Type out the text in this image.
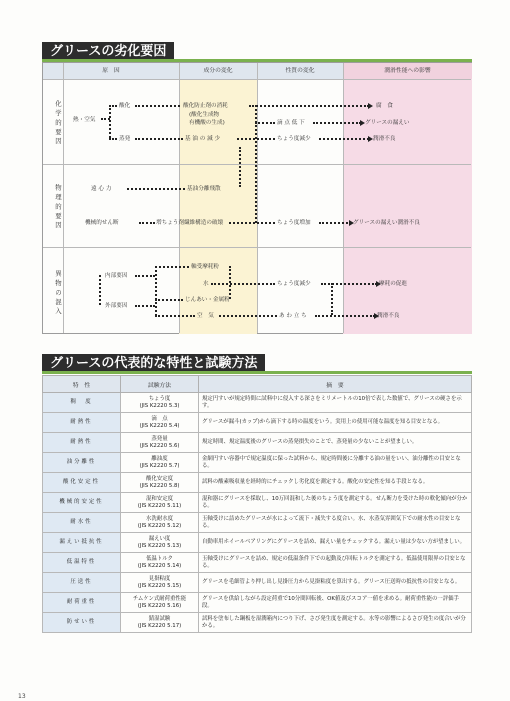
グリースの劣化要因
原　因	成分の変化	性質の変化	潤滑性能への影響
化学的要因
物理的要因
異物の混入
熱・空気
酸化
蒸発
酸化防止剤の消耗
(酸化生成物
有機酸の生成)
基 油 の 減 少
腐　食
滴 点 低 下	グリースの漏えい
ちょう度減少	潤滑不良
遠 心 力
機械的せん断
基油分離飛散
増ちょう剤繊維構造の破壊	ちょう度増加	グリースの漏えい潤滑不良
内部要因
外部要因
軸受摩耗粉
水
じんあい・金属粉
空　気
ちょう度減少	摩耗の促進
あ わ 立 ち	潤滑不良
グリースの代表的な特性と試験方法
特　性	試験方法	摘　要
稠　度	ちょう度
(JIS K2220 5.3)	規定円すいが規定時間に試料中に侵入する深さをミリメートルの10倍で表した数値で、グリースの硬さを示す。
耐熱性	滴　点
(JIS K2220 5.4)	グリースが漏斗(カップ)から滴下する時の温度をいう。実用上の使用可能な温度を知る目安となる。
耐熱性	蒸発量
(JIS K2220 5.6)	規定時間、規定温度後のグリースの蒸発損失のことで、蒸発量の少ないことが望ましい。
油分離性	離油度
(JIS K2220 5.7)	金網円すい容器中で規定温度に保った試料から、規定時間後に分離する油の量をいい、油分離性の目安となる。
酸化安定性	酸化安定度
(JIS K2220 5.8)	試料の酸素吸収量を経時的にチェックし劣化度を測定する。酸化の安定性を知る手段となる。
機械的安定性	混和安定度
(JIS K2220 5.11)	混和器にグリースを採取し、10万回混和した後のちょう度を測定する。せん断力を受けた時の軟化傾向が分かる。
耐水性	水洗耐水度
(JIS K2220 5.12)	玉軸受けに詰めたグリースが水によって流下・減失する度合い。水、水蒸気雰囲気下での耐水性の目安となる。
漏えい抵抗性	漏えい度
(JIS K2220 5.13)	自動車用ホイールベアリングにグリースを詰め、漏えい量をチェックする。漏えい量は少ない方が望ましい。
低温特性	低温トルク
(JIS K2220 5.14)	玉軸受けにグリースを詰め、規定の低温条件下での起動及び回転トルクを測定する。低温使用限界の目安となる。
圧送性	見掛粘度
(JIS K2220 5.15)	グリースを毛細管より押し出し見掛圧力から見掛粘度を算出する。グリース圧送時の抵抗性の目安となる。
耐荷重性	チムケン式耐荷重性能
(JIS K2220 5.16)	グリースを供給しながら設定荷重で10分間回転後、OK値及びスコア一値を求める。耐荷重性能の一評価手段。
防せい性	錆湿試験
(JIS K2220 5.17)	試料を塗布した鋼板を湿潤箱内につり下げ、さび発生度を測定する。水等の影響によるさび発生の度合いが分かる。
13
